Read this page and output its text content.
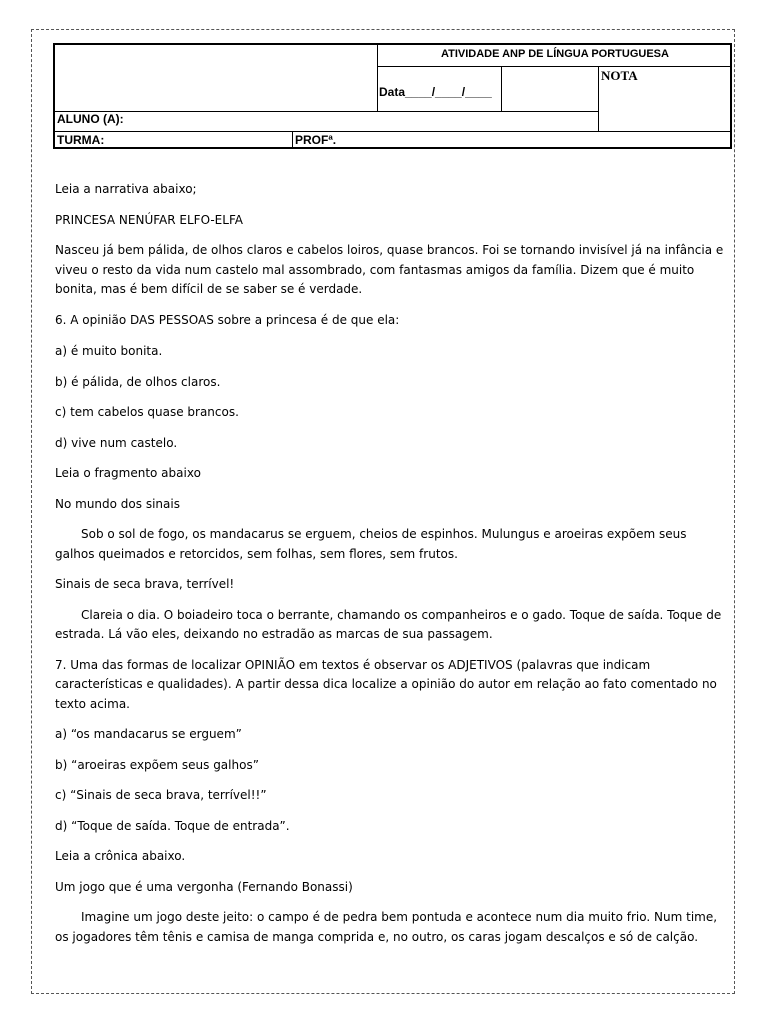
ATIVIDADE ANP DE LÍNGUA PORTUGUESA
Data____/____/____
NOTA
ALUNO (A):
TURMA:	PROFª.

Leia a narrativa abaixo;

PRINCESA NENÚFAR ELFO-ELFA

Nasceu já bem pálida, de olhos claros e cabelos loiros, quase brancos. Foi se tornando invisível já na infância e viveu o resto da vida num castelo mal assombrado, com fantasmas amigos da família. Dizem que é muito bonita, mas é bem difícil de se saber se é verdade.

6. A opinião DAS PESSOAS sobre a princesa é de que ela:

a) é muito bonita.

b) é pálida, de olhos claros.

c) tem cabelos quase brancos.

d) vive num castelo.

Leia o fragmento abaixo

No mundo dos sinais

Sob o sol de fogo, os mandacarus se erguem, cheios de espinhos. Mulungus e aroeiras expõem seus galhos queimados e retorcidos, sem folhas, sem flores, sem frutos.

Sinais de seca brava, terrível!

Clareia o dia. O boiadeiro toca o berrante, chamando os companheiros e o gado. Toque de saída. Toque de estrada. Lá vão eles, deixando no estradão as marcas de sua passagem.

7. Uma das formas de localizar OPINIÃO em textos é observar os ADJETIVOS (palavras que indicam características e qualidades). A partir dessa dica localize a opinião do autor em relação ao fato comentado no texto acima.

a) “os mandacarus se erguem”

b) “aroeiras expõem seus galhos”

c) “Sinais de seca brava, terrível!!”

d) “Toque de saída. Toque de entrada”.

Leia a crônica abaixo.

Um jogo que é uma vergonha (Fernando Bonassi)

Imagine um jogo deste jeito: o campo é de pedra bem pontuda e acontece num dia muito frio. Num time, os jogadores têm tênis e camisa de manga comprida e, no outro, os caras jogam descalços e só de calção.
